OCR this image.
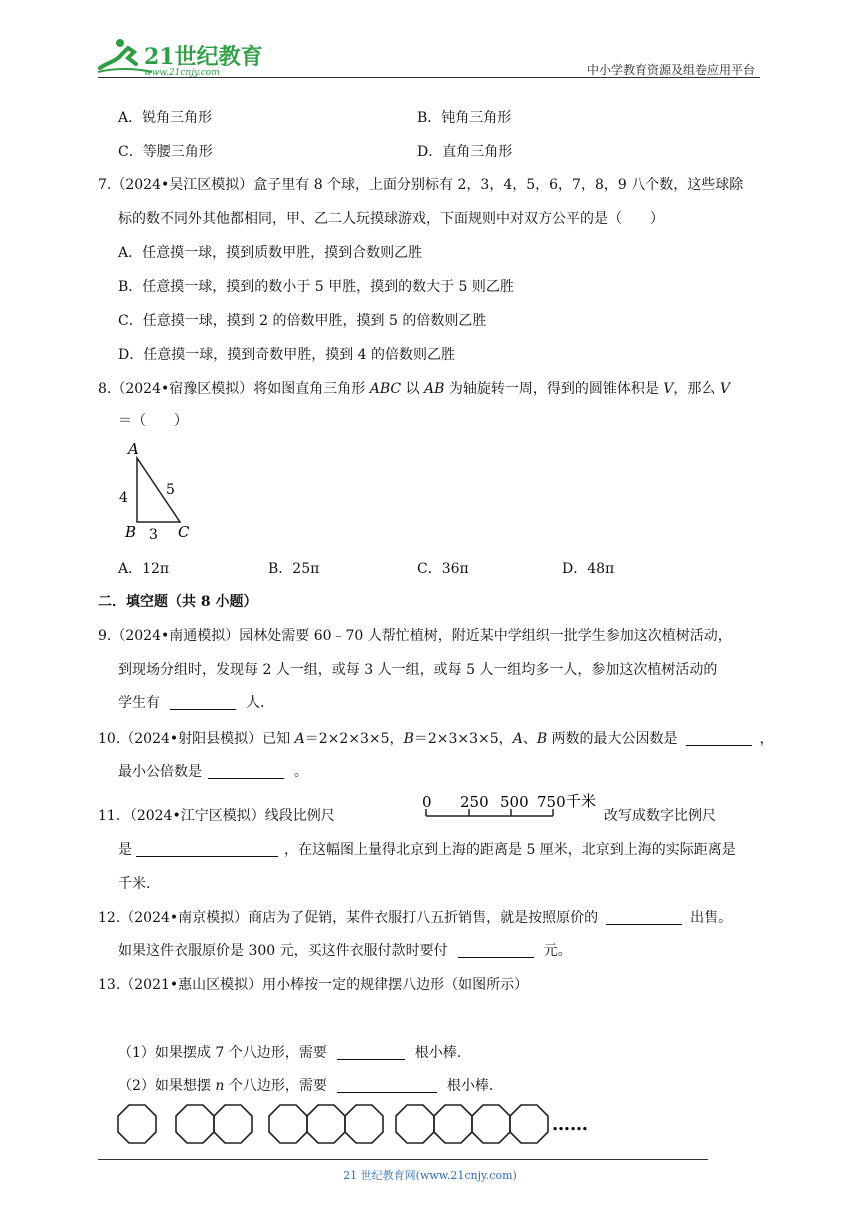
21世纪教育
www.21cnjy.com	中小学教育资源及组卷应用平台
A．锐角三角形	B．钝角三角形
C．等腰三角形	D．直角三角形
7.（2024•吴江区模拟）盒子里有 8 个球，上面分别标有 2，3，4，5，6，7，8，9 八个数，这些球除
标的数不同外其他都相同，甲、乙二人玩摸球游戏，下面规则中对双方公平的是（　　）
A．任意摸一球，摸到质数甲胜，摸到合数则乙胜
B．任意摸一球，摸到的数小于 5 甲胜，摸到的数大于 5 则乙胜
C．任意摸一球，摸到 2 的倍数甲胜，摸到 5 的倍数则乙胜
D．任意摸一球，摸到奇数甲胜，摸到 4 的倍数则乙胜
8.（2024•宿豫区模拟）将如图直角三角形 ABC 以 AB 为轴旋转一周，得到的圆锥体积是 V，那么 V
＝（　　）
A
B	C
4	5
3
A．12π	B．25π	C．36π	D．48π
二．填空题（共 8 小题）
9.（2024•南通模拟）园林处需要 60﹣70 人帮忙植树，附近某中学组织一批学生参加这次植树活动，
到现场分组时，发现每 2 人一组，或每 3 人一组，或每 5 人一组均多一人，参加这次植树活动的
学生有	人．
10.（2024•射阳县模拟）已知 A＝2×2×3×5，B＝2×3×3×5，A、B 两数的最大公因数是	，
最小公倍数是	。
11．（2024•江宁区模拟）线段比例尺
0 250 500 750 千米
改写成数字比例尺
是	，在这幅图上量得北京到上海的距离是 5 厘米，北京到上海的实际距离是
千米.
12.（2024•南京模拟）商店为了促销，某件衣服打八五折销售，就是按照原价的	出售。
如果这件衣服原价是 300 元，买这件衣服付款时要付	元。
13.（2021•惠山区模拟）用小棒按一定的规律摆八边形（如图所示）
（1）如果摆成 7 个八边形，需要	根小棒.
（2）如果想摆 n 个八边形，需要	根小棒.
……
21 世纪教育网(www.21cnjy.com)
